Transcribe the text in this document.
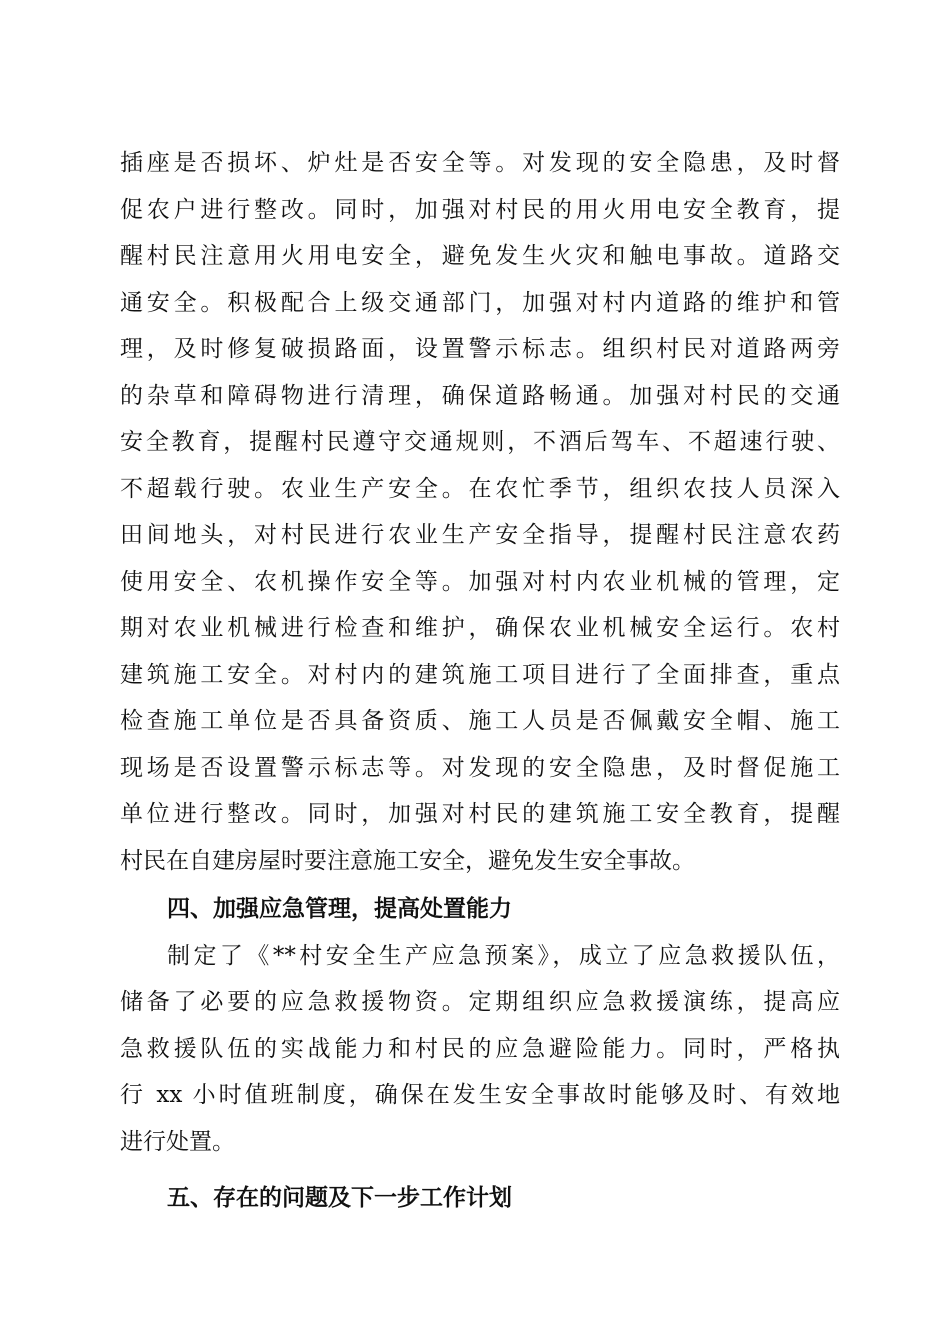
插座是否损坏、炉灶是否安全等。对发现的安全隐患，及时督
促农户进行整改。同时，加强对村民的用火用电安全教育，提
醒村民注意用火用电安全，避免发生火灾和触电事故。道路交
通安全。积极配合上级交通部门，加强对村内道路的维护和管
理，及时修复破损路面，设置警示标志。组织村民对道路两旁
的杂草和障碍物进行清理，确保道路畅通。加强对村民的交通
安全教育，提醒村民遵守交通规则，不酒后驾车、不超速行驶、
不超载行驶。农业生产安全。在农忙季节，组织农技人员深入
田间地头，对村民进行农业生产安全指导，提醒村民注意农药
使用安全、农机操作安全等。加强对村内农业机械的管理，定
期对农业机械进行检查和维护，确保农业机械安全运行。农村
建筑施工安全。对村内的建筑施工项目进行了全面排查，重点
检查施工单位是否具备资质、施工人员是否佩戴安全帽、施工
现场是否设置警示标志等。对发现的安全隐患，及时督促施工
单位进行整改。同时，加强对村民的建筑施工安全教育，提醒
村民在自建房屋时要注意施工安全，避免发生安全事故。
四、加强应急管理，提高处置能力
制定了《**村安全生产应急预案》，成立了应急救援队伍，
储备了必要的应急救援物资。定期组织应急救援演练，提高应
急救援队伍的实战能力和村民的应急避险能力。同时，严格执
行 xx 小时值班制度，确保在发生安全事故时能够及时、有效地
进行处置。
五、存在的问题及下一步工作计划
